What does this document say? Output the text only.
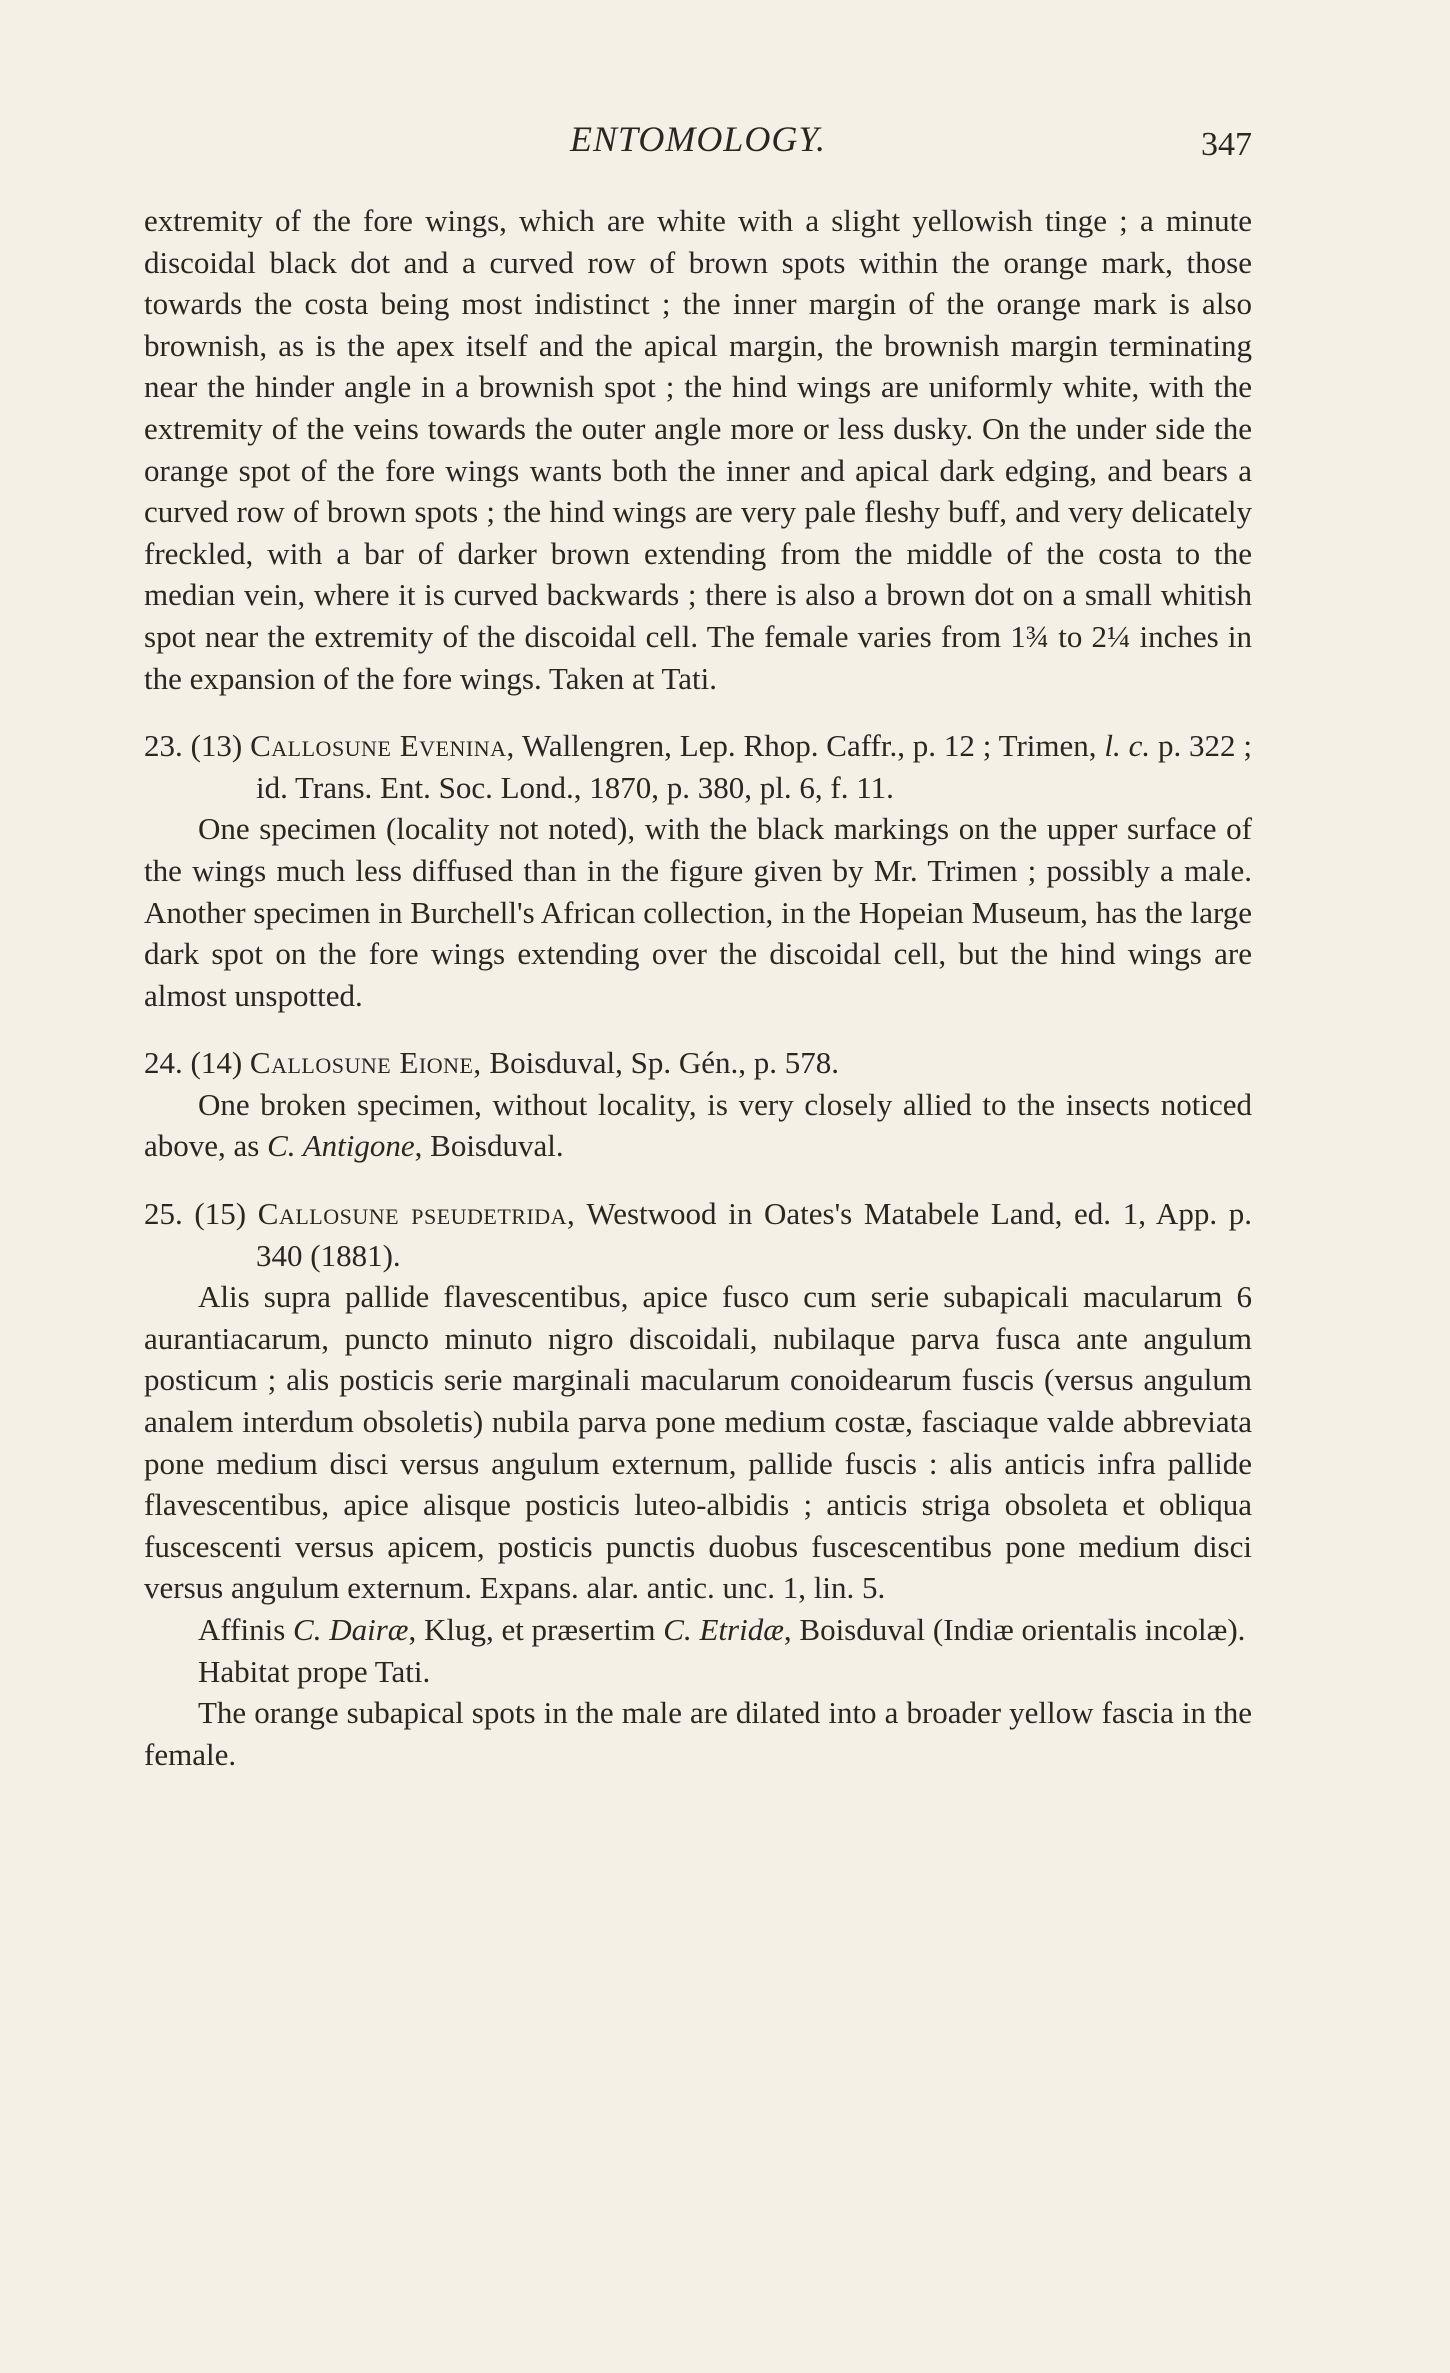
ENTOMOLOGY.	347

extremity of the fore wings, which are white with a slight yellowish tinge ; a minute discoidal black dot and a curved row of brown spots within the orange mark, those towards the costa being most indistinct ; the inner margin of the orange mark is also brownish, as is the apex itself and the apical margin, the brownish margin terminating near the hinder angle in a brownish spot ; the hind wings are uniformly white, with the extremity of the veins towards the outer angle more or less dusky. On the under side the orange spot of the fore wings wants both the inner and apical dark edging, and bears a curved row of brown spots ; the hind wings are very pale fleshy buff, and very delicately freckled, with a bar of darker brown extending from the middle of the costa to the median vein, where it is curved backwards ; there is also a brown dot on a small whitish spot near the extremity of the discoidal cell. The female varies from 1¾ to 2¼ inches in the expansion of the fore wings. Taken at Tati.

23. (13) Callosune Evenina, Wallengren, Lep. Rhop. Caffr., p. 12 ; Trimen, l. c. p. 322 ; id. Trans. Ent. Soc. Lond., 1870, p. 380, pl. 6, f. 11.

One specimen (locality not noted), with the black markings on the upper surface of the wings much less diffused than in the figure given by Mr. Trimen ; possibly a male. Another specimen in Burchell's African collection, in the Hopeian Museum, has the large dark spot on the fore wings extending over the discoidal cell, but the hind wings are almost unspotted.

24. (14) Callosune Eione, Boisduval, Sp. Gén., p. 578.

One broken specimen, without locality, is very closely allied to the insects noticed above, as C. Antigone, Boisduval.

25. (15) Callosune pseudetrida, Westwood in Oates's Matabele Land, ed. 1, App. p. 340 (1881).

Alis supra pallide flavescentibus, apice fusco cum serie subapicali macularum 6 aurantiacarum, puncto minuto nigro discoidali, nubilaque parva fusca ante angulum posticum ; alis posticis serie marginali macularum conoidearum fuscis (versus angulum analem interdum obsoletis) nubila parva pone medium costæ, fasciaque valde abbreviata pone medium disci versus angulum externum, pallide fuscis : alis anticis infra pallide flavescentibus, apice alisque posticis luteo-albidis ; anticis striga obsoleta et obliqua fuscescenti versus apicem, posticis punctis duobus fuscescentibus pone medium disci versus angulum externum. Expans. alar. antic. unc. 1, lin. 5.

Affinis C. Dairæ, Klug, et præsertim C. Etridæ, Boisduval (Indiæ orientalis incolæ).

Habitat prope Tati.

The orange subapical spots in the male are dilated into a broader yellow fascia in the female.
